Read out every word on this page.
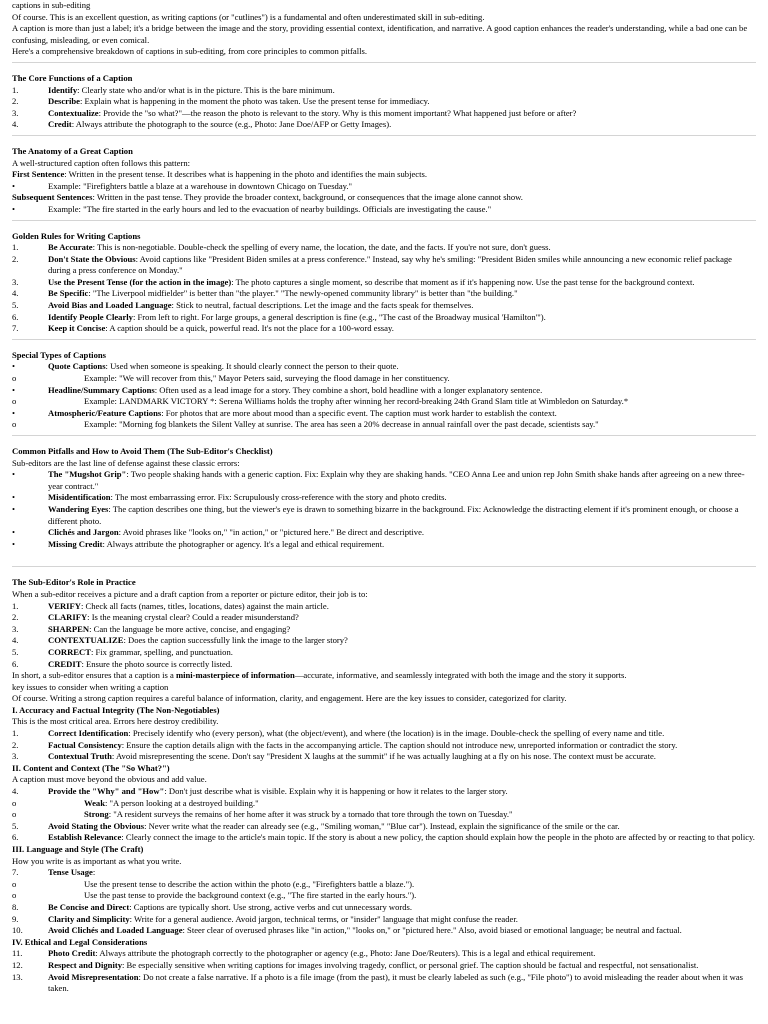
captions in sub-editing

Of course. This is an excellent question, as writing captions (or "cutlines") is a fundamental and often underestimated skill in sub-editing.

A caption is more than just a label; it's a bridge between the image and the story, providing essential context, identification, and narrative. A good caption enhances the reader's understanding, while a bad one can be confusing, misleading, or even comical.

Here's a comprehensive breakdown of captions in sub-editing, from core principles to common pitfalls.

The Core Functions of a Caption

1.	Identify: Clearly state who and/or what is in the picture. This is the bare minimum.
2.	Describe: Explain what is happening in the moment the photo was taken. Use the present tense for immediacy.
3.	Contextualize: Provide the "so what?"—the reason the photo is relevant to the story. Why is this moment important? What happened just before or after?
4.	Credit: Always attribute the photograph to the source (e.g., Photo: Jane Doe/AFP or Getty Images).

The Anatomy of a Great Caption

A well-structured caption often follows this pattern:

First Sentence: Written in the present tense. It describes what is happening in the photo and identifies the main subjects.

•	Example: "Firefighters battle a blaze at a warehouse in downtown Chicago on Tuesday."

Subsequent Sentences: Written in the past tense. They provide the broader context, background, or consequences that the image alone cannot show.

•	Example: "The fire started in the early hours and led to the evacuation of nearby buildings. Officials are investigating the cause."

Golden Rules for Writing Captions

1.	Be Accurate: This is non-negotiable. Double-check the spelling of every name, the location, the date, and the facts. If you're not sure, don't guess.
2.	Don't State the Obvious: Avoid captions like "President Biden smiles at a press conference." Instead, say why he's smiling: "President Biden smiles while announcing a new economic relief package during a press conference on Monday."
3.	Use the Present Tense (for the action in the image): The photo captures a single moment, so describe that moment as if it's happening now. Use the past tense for the background context.
4.	Be Specific: "The Liverpool midfielder" is better than "the player." "The newly-opened community library" is better than "the building."
5.	Avoid Bias and Loaded Language: Stick to neutral, factual descriptions. Let the image and the facts speak for themselves.
6.	Identify People Clearly: From left to right. For large groups, a general description is fine (e.g., "The cast of the Broadway musical 'Hamilton'").
7.	Keep it Concise: A caption should be a quick, powerful read. It's not the place for a 100-word essay.

Special Types of Captions

•	Quote Captions: Used when someone is speaking. It should clearly connect the person to their quote.
o	Example: "We will recover from this," Mayor Peters said, surveying the flood damage in her constituency.
•	Headline/Summary Captions: Often used as a lead image for a story. They combine a short, bold headline with a longer explanatory sentence.
o	Example: LANDMARK VICTORY *: Serena Williams holds the trophy after winning her record-breaking 24th Grand Slam title at Wimbledon on Saturday.*
•	Atmospheric/Feature Captions: For photos that are more about mood than a specific event. The caption must work harder to establish the context.
o	Example: "Morning fog blankets the Silent Valley at sunrise. The area has seen a 20% decrease in annual rainfall over the past decade, scientists say."

Common Pitfalls and How to Avoid Them (The Sub-Editor's Checklist)

Sub-editors are the last line of defense against these classic errors:

•	The "Mugshot Grip": Two people shaking hands with a generic caption. Fix: Explain why they are shaking hands. "CEO Anna Lee and union rep John Smith shake hands after agreeing on a new three-year contract."
•	Misidentification: The most embarrassing error. Fix: Scrupulously cross-reference with the story and photo credits.
•	Wandering Eyes: The caption describes one thing, but the viewer's eye is drawn to something bizarre in the background. Fix: Acknowledge the distracting element if it's prominent enough, or choose a different photo.
•	Clichés and Jargon: Avoid phrases like "looks on," "in action," or "pictured here." Be direct and descriptive.
•	Missing Credit: Always attribute the photographer or agency. It's a legal and ethical requirement.

The Sub-Editor's Role in Practice

When a sub-editor receives a picture and a draft caption from a reporter or picture editor, their job is to:

1.	VERIFY: Check all facts (names, titles, locations, dates) against the main article.
2.	CLARIFY: Is the meaning crystal clear? Could a reader misunderstand?
3.	SHARPEN: Can the language be more active, concise, and engaging?
4.	CONTEXTUALIZE: Does the caption successfully link the image to the larger story?
5.	CORRECT: Fix grammar, spelling, and punctuation.
6.	CREDIT: Ensure the photo source is correctly listed.

In short, a sub-editor ensures that a caption is a mini-masterpiece of information—accurate, informative, and seamlessly integrated with both the image and the story it supports.

key issues to consider when writing a caption

Of course. Writing a strong caption requires a careful balance of information, clarity, and engagement. Here are the key issues to consider, categorized for clarity.

I. Accuracy and Factual Integrity (The Non-Negotiables)

This is the most critical area. Errors here destroy credibility.

1.	Correct Identification: Precisely identify who (every person), what (the object/event), and where (the location) is in the image. Double-check the spelling of every name and title.
2.	Factual Consistency: Ensure the caption details align with the facts in the accompanying article. The caption should not introduce new, unreported information or contradict the story.
3.	Contextual Truth: Avoid misrepresenting the scene. Don't say "President X laughs at the summit" if he was actually laughing at a fly on his nose. The context must be accurate.

II. Content and Context (The "So What?")

A caption must move beyond the obvious and add value.

4.	Provide the "Why" and "How": Don't just describe what is visible. Explain why it is happening or how it relates to the larger story.
o	Weak: "A person looking at a destroyed building."
o	Strong: "A resident surveys the remains of her home after it was struck by a tornado that tore through the town on Tuesday."
5.	Avoid Stating the Obvious: Never write what the reader can already see (e.g., "Smiling woman," "Blue car"). Instead, explain the significance of the smile or the car.
6.	Establish Relevance: Clearly connect the image to the article's main topic. If the story is about a new policy, the caption should explain how the people in the photo are affected by or reacting to that policy.

III. Language and Style (The Craft)

How you write is as important as what you write.

7.	Tense Usage:
o	Use the present tense to describe the action within the photo (e.g., "Firefighters battle a blaze.").
o	Use the past tense to provide the background context (e.g., "The fire started in the early hours.").
8.	Be Concise and Direct: Captions are typically short. Use strong, active verbs and cut unnecessary words.
9.	Clarity and Simplicity: Write for a general audience. Avoid jargon, technical terms, or "insider" language that might confuse the reader.
10.	Avoid Clichés and Loaded Language: Steer clear of overused phrases like "in action," "looks on," or "pictured here." Also, avoid biased or emotional language; be neutral and factual.

IV. Ethical and Legal Considerations

11.	Photo Credit: Always attribute the photograph correctly to the photographer or agency (e.g., Photo: Jane Doe/Reuters). This is a legal and ethical requirement.
12.	Respect and Dignity: Be especially sensitive when writing captions for images involving tragedy, conflict, or personal grief. The caption should be factual and respectful, not sensationalist.
13.	Avoid Misrepresentation: Do not create a false narrative. If a photo is a file image (from the past), it must be clearly labeled as such (e.g., "File photo") to avoid misleading the reader about when it was taken.
